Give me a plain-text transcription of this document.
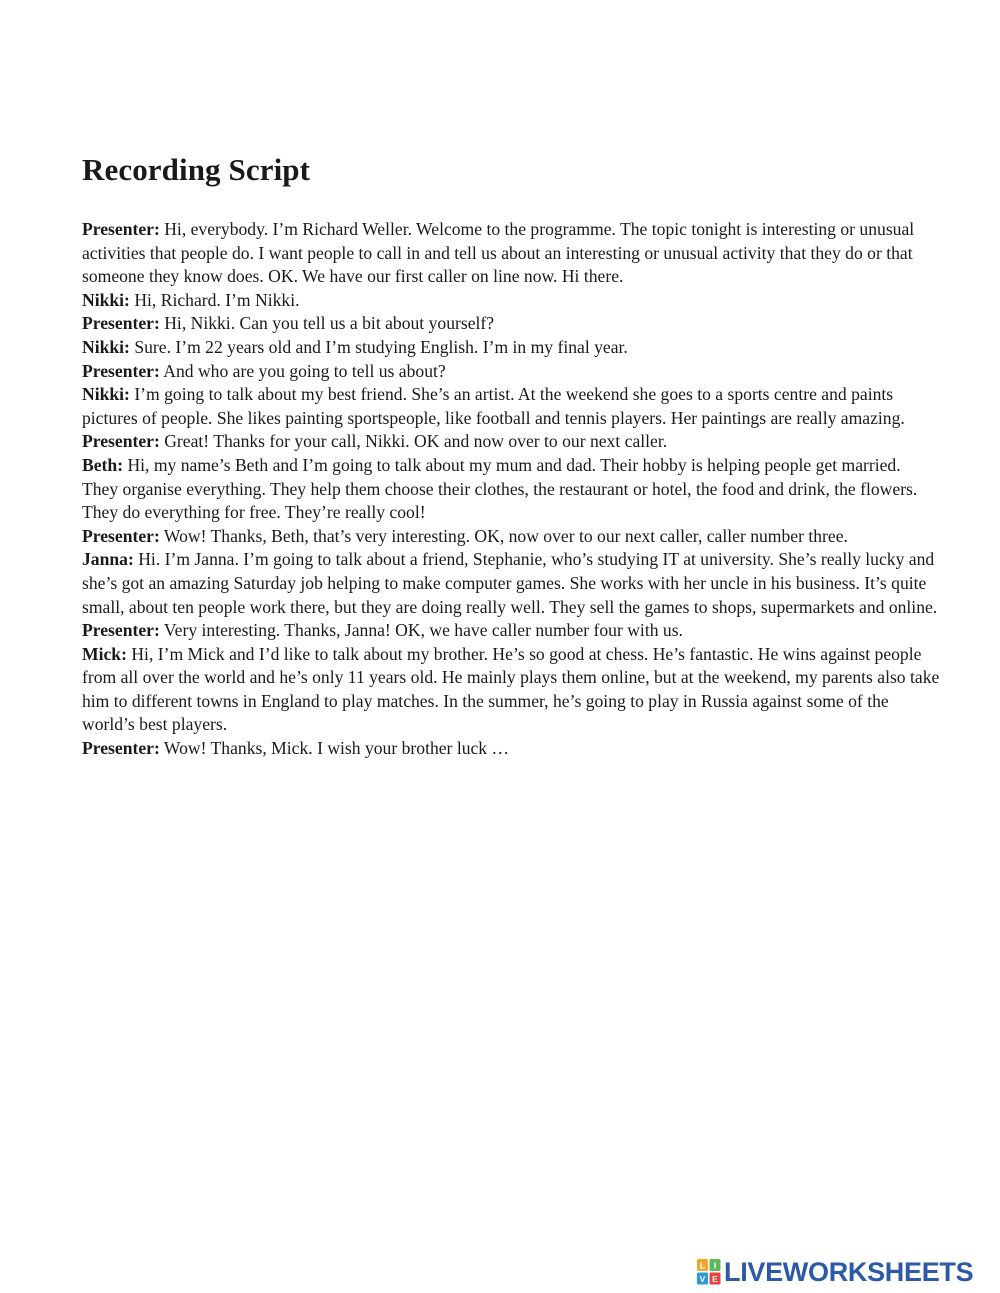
Recording Script

Presenter: Hi, everybody. I’m Richard Weller. Welcome to the programme. The topic tonight is interesting or unusual activities that people do. I want people to call in and tell us about an interesting or unusual activity that they do or that someone they know does. OK. We have our first caller on line now. Hi there.

Nikki: Hi, Richard. I’m Nikki.

Presenter: Hi, Nikki. Can you tell us a bit about yourself?

Nikki: Sure. I’m 22 years old and I’m studying English. I’m in my final year.

Presenter: And who are you going to tell us about?

Nikki: I’m going to talk about my best friend. She’s an artist. At the weekend she goes to a sports centre and paints pictures of people. She likes painting sportspeople, like football and tennis players. Her paintings are really amazing.

Presenter: Great! Thanks for your call, Nikki. OK and now over to our next caller.

Beth: Hi, my name’s Beth and I’m going to talk about my mum and dad. Their hobby is helping people get married. They organise everything. They help them choose their clothes, the restaurant or hotel, the food and drink, the flowers. They do everything for free. They’re really cool!

Presenter: Wow! Thanks, Beth, that’s very interesting. OK, now over to our next caller, caller number three.

Janna: Hi. I’m Janna. I’m going to talk about a friend, Stephanie, who’s studying IT at university. She’s really lucky and she’s got an amazing Saturday job helping to make computer games. She works with her uncle in his business. It’s quite small, about ten people work there, but they are doing really well. They sell the games to shops, supermarkets and online.

Presenter: Very interesting. Thanks, Janna! OK, we have caller number four with us.

Mick: Hi, I’m Mick and I’d like to talk about my brother. He’s so good at chess. He’s fantastic. He wins against people from all over the world and he’s only 11 years old. He mainly plays them online, but at the weekend, my parents also take him to different towns in England to play matches. In the summer, he’s going to play in Russia against some of the world’s best players.

Presenter: Wow! Thanks, Mick. I wish your brother luck …

L I
V E LIVEWORKSHEETS
